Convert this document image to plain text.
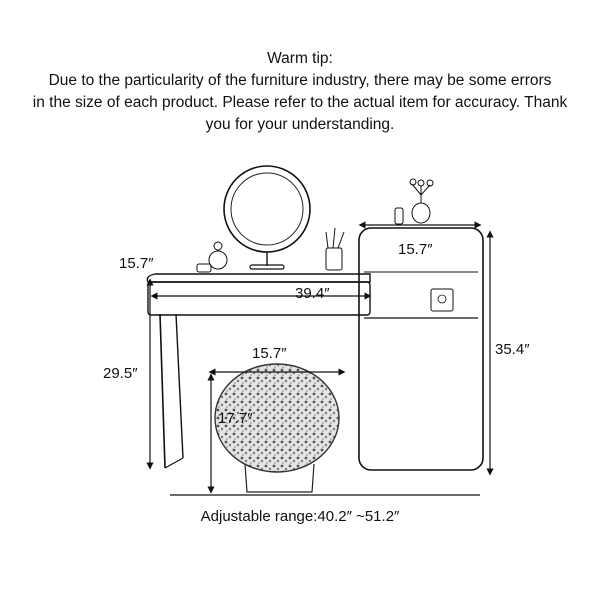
Warm tip:
Due to the particularity of the furniture industry, there may be some errors
in the size of each product. Please refer to the actual item for accuracy. Thank
you for your understanding.
15.7″
15.7″
39.4″
35.4″
29.5″
15.7″
17.7″
Adjustable range:40.2″ ~51.2″
